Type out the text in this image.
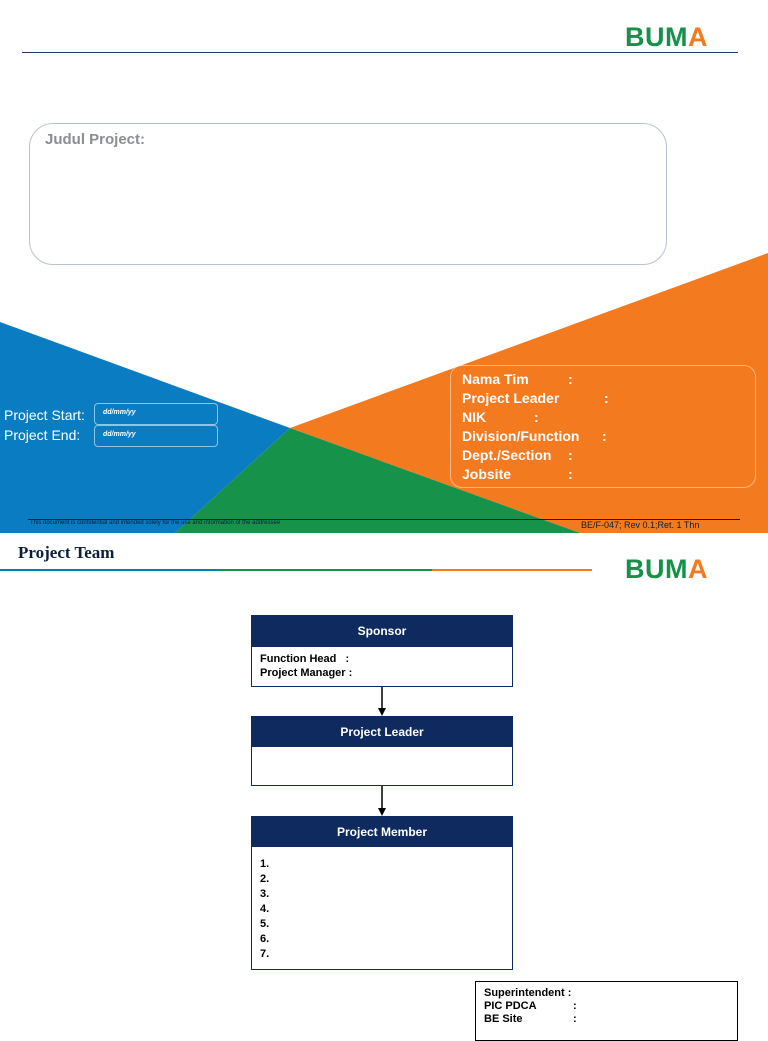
BUMA
Judul Project:
Project Start:	dd/mm/yy
Project End:	dd/mm/yy
Nama Tim	:
Project Leader	:
NIK	:
Division/Function :
Dept./Section :
Jobsite	:
This document is confidential and intended solely for the use and information of the addressee	BE/F-047; Rev 0.1;Ret. 1 Thn
Project Team
BUMA
Sponsor
Function Head   :
Project Manager :
Project Leader
Project Member
1.
2.
3.
4.
5.
6.
7.
Superintendent :
PIC PDCA	:
BE Site	:
